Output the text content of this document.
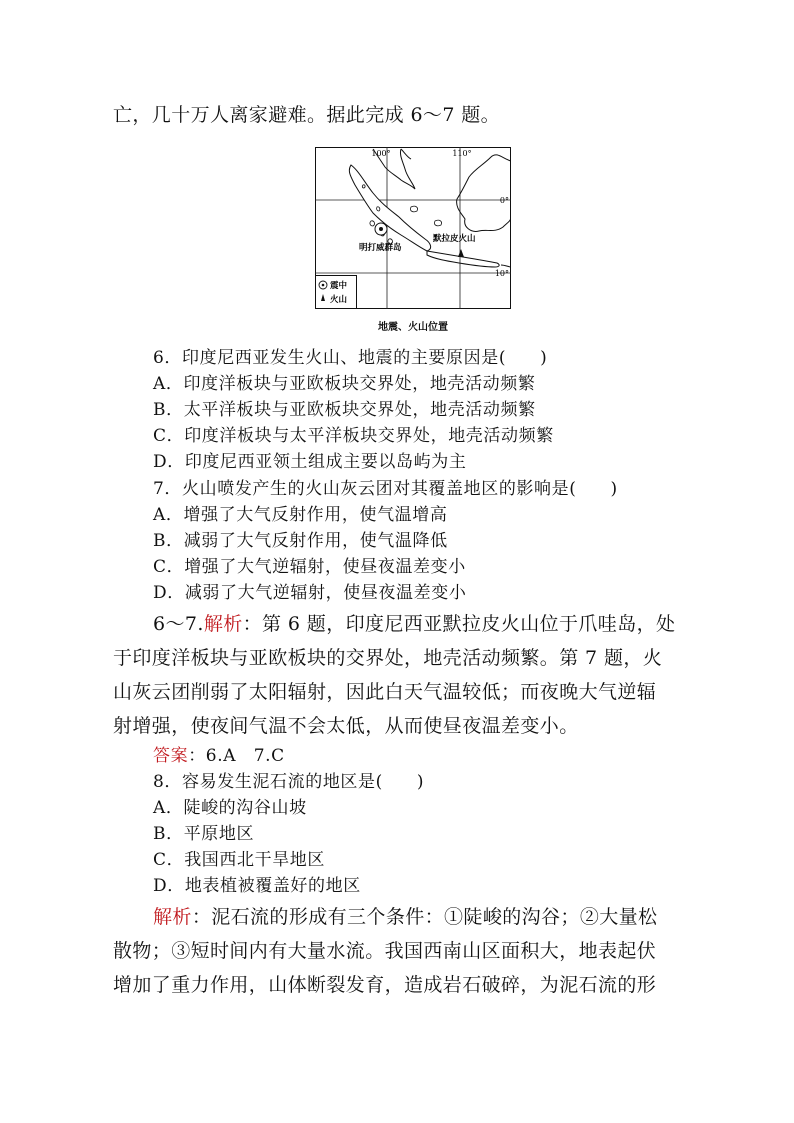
亡，几十万人离家避难。据此完成 6～7 题。
100°	110°
0°
10°
明打威群岛
默拉皮火山
震中
火山
地震、火山位置
6．印度尼西亚发生火山、地震的主要原因是( )
A．印度洋板块与亚欧板块交界处，地壳活动频繁
B．太平洋板块与亚欧板块交界处，地壳活动频繁
C．印度洋板块与太平洋板块交界处，地壳活动频繁
D．印度尼西亚领土组成主要以岛屿为主
7．火山喷发产生的火山灰云团对其覆盖地区的影响是( )
A．增强了大气反射作用，使气温增高
B．减弱了大气反射作用，使气温降低
C．增强了大气逆辐射，使昼夜温差变小
D．减弱了大气逆辐射，使昼夜温差变小
6～7.解析：第 6 题，印度尼西亚默拉皮火山位于爪哇岛，处
于印度洋板块与亚欧板块的交界处，地壳活动频繁。第 7 题，火
山灰云团削弱了太阳辐射，因此白天气温较低；而夜晚大气逆辐
射增强，使夜间气温不会太低，从而使昼夜温差变小。
答案：6.A　7.C
8．容易发生泥石流的地区是( )
A．陡峻的沟谷山坡
B．平原地区
C．我国西北干旱地区
D．地表植被覆盖好的地区
解析：泥石流的形成有三个条件：①陡峻的沟谷；②大量松
散物；③短时间内有大量水流。我国西南山区面积大，地表起伏
增加了重力作用，山体断裂发育，造成岩石破碎，为泥石流的形
